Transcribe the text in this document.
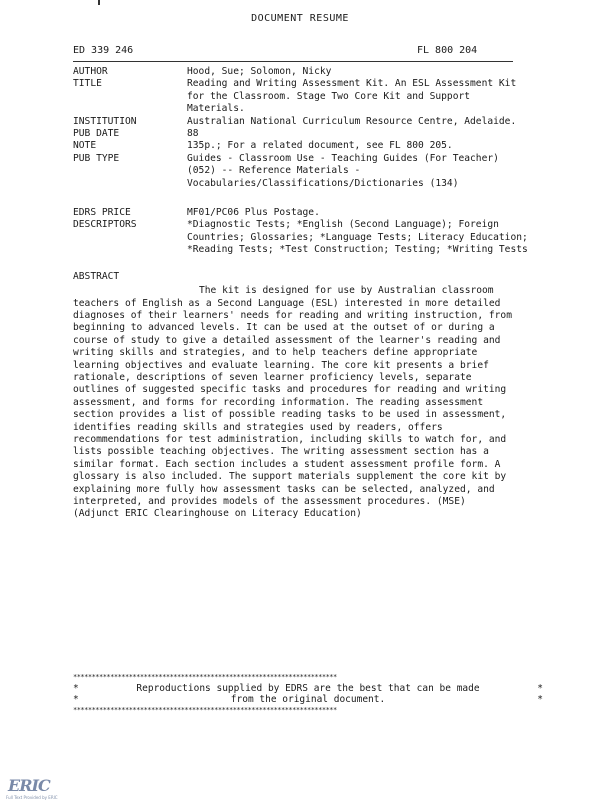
DOCUMENT RESUME
ED 339 246	FL 800 204
AUTHOR	Hood, Sue; Solomon, Nicky
TITLE	Reading and Writing Assessment Kit. An ESL Assessment Kit for the Classroom. Stage Two Core Kit and Support Materials.
INSTITUTION	Australian National Curriculum Resource Centre, Adelaide.
PUB DATE	88
NOTE	135p.; For a related document, see FL 800 205.
PUB TYPE	Guides - Classroom Use - Teaching Guides (For Teacher) (052) -- Reference Materials - Vocabularies/Classifications/Dictionaries (134)
EDRS PRICE	MF01/PC06 Plus Postage.
DESCRIPTORS	*Diagnostic Tests; *English (Second Language); Foreign Countries; Glossaries; *Language Tests; Literacy Education; *Reading Tests; *Test Construction; Testing; *Writing Tests
ABSTRACT
The kit is designed for use by Australian classroom teachers of English as a Second Language (ESL) interested in more detailed diagnoses of their learners' needs for reading and writing instruction, from beginning to advanced levels. It can be used at the outset of or during a course of study to give a detailed assessment of the learner's reading and writing skills and strategies, and to help teachers define appropriate learning objectives and evaluate learning. The core kit presents a brief rationale, descriptions of seven learner proficiency levels, separate outlines of suggested specific tasks and procedures for reading and writing assessment, and forms for recording information. The reading assessment section provides a list of possible reading tasks to be used in assessment, identifies reading skills and strategies used by readers, offers recommendations for test administration, including skills to watch for, and lists possible teaching objectives. The writing assessment section has a similar format. Each section includes a student assessment profile form. A glossary is also included. The support materials supplement the core kit by explaining more fully how assessment tasks can be selected, analyzed, and interpreted, and provides models of the assessment procedures. (MSE) (Adjunct ERIC Clearinghouse on Literacy Education)
***********************************************************************
*	Reproductions supplied by EDRS are the best that can be made	*
*	from the original document.	*
***********************************************************************
ERIC
Full Text Provided by ERIC
